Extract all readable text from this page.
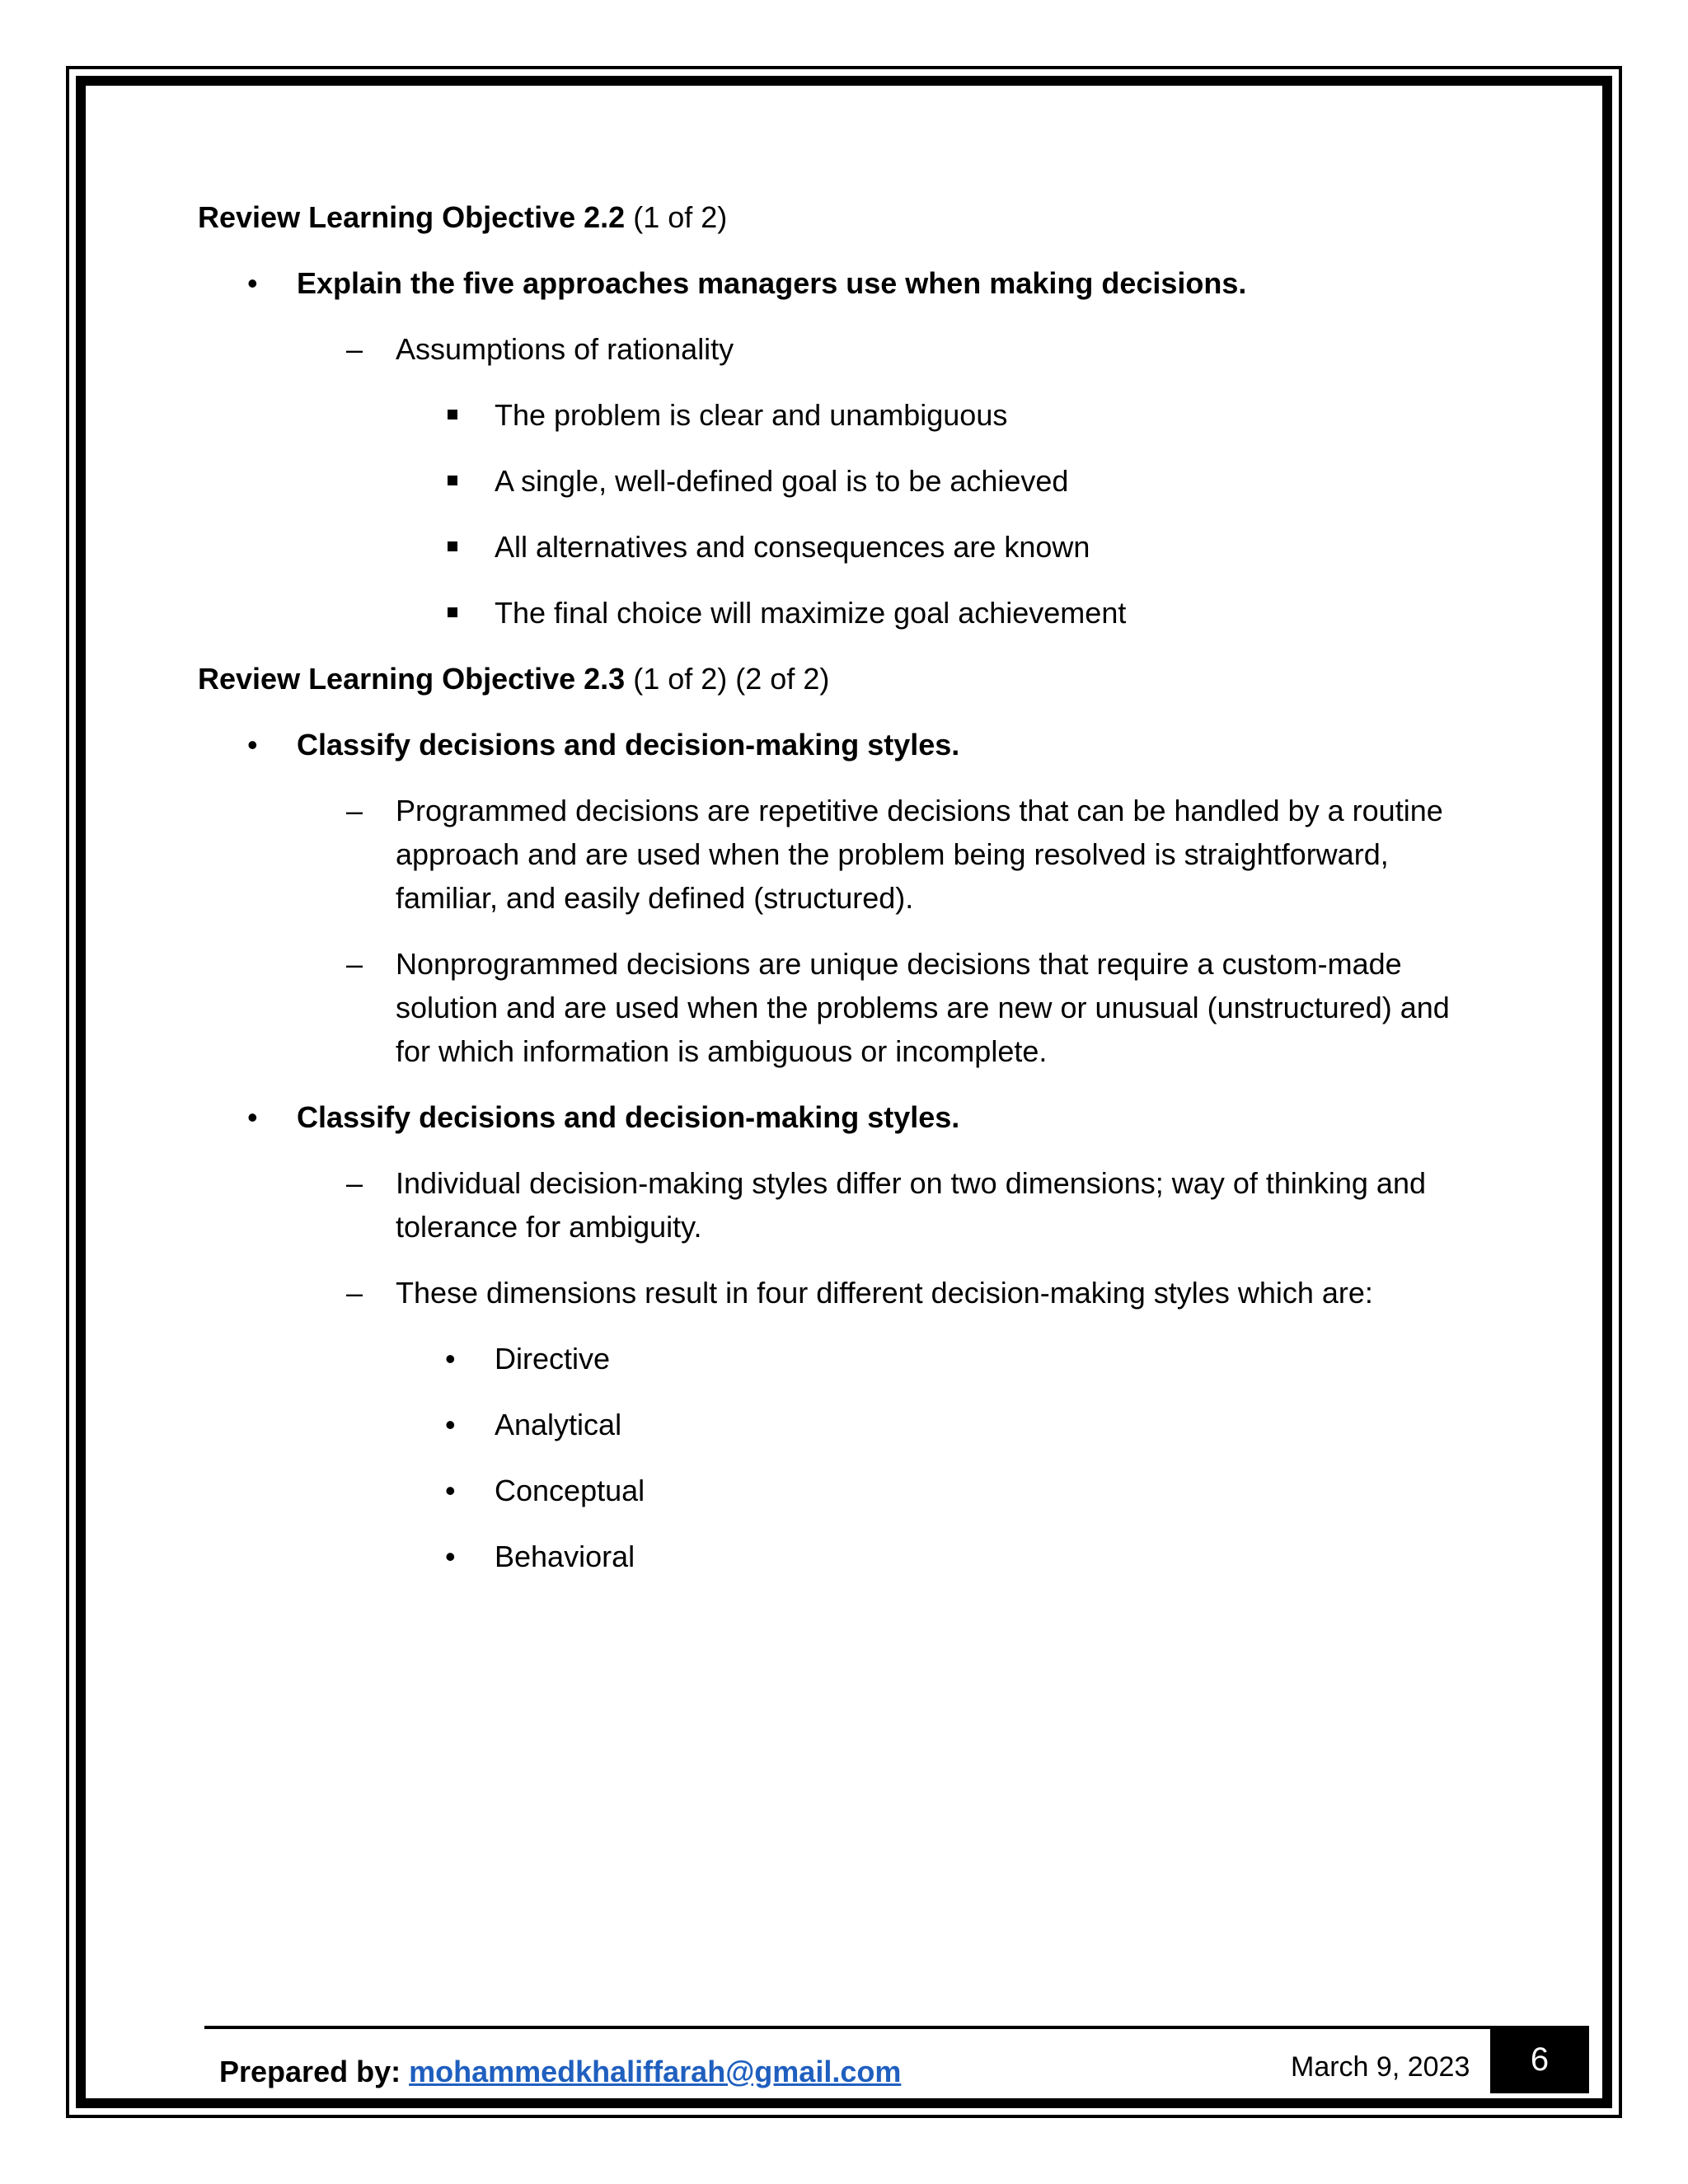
Review Learning Objective 2.2 (1 of 2)
• Explain the five approaches managers use when making decisions.
– Assumptions of rationality
The problem is clear and unambiguous
A single, well-defined goal is to be achieved
All alternatives and consequences are known
The final choice will maximize goal achievement
Review Learning Objective 2.3 (1 of 2) (2 of 2)
• Classify decisions and decision-making styles.
– Programmed decisions are repetitive decisions that can be handled by a routine
approach and are used when the problem being resolved is straightforward,
familiar, and easily defined (structured).
– Nonprogrammed decisions are unique decisions that require a custom-made
solution and are used when the problems are new or unusual (unstructured) and
for which information is ambiguous or incomplete.
• Classify decisions and decision-making styles.
– Individual decision-making styles differ on two dimensions; way of thinking and
tolerance for ambiguity.
– These dimensions result in four different decision-making styles which are:
• Directive
• Analytical
• Conceptual
• Behavioral
Prepared by: mohammedkhaliffarah@gmail.com	March 9, 2023	6
